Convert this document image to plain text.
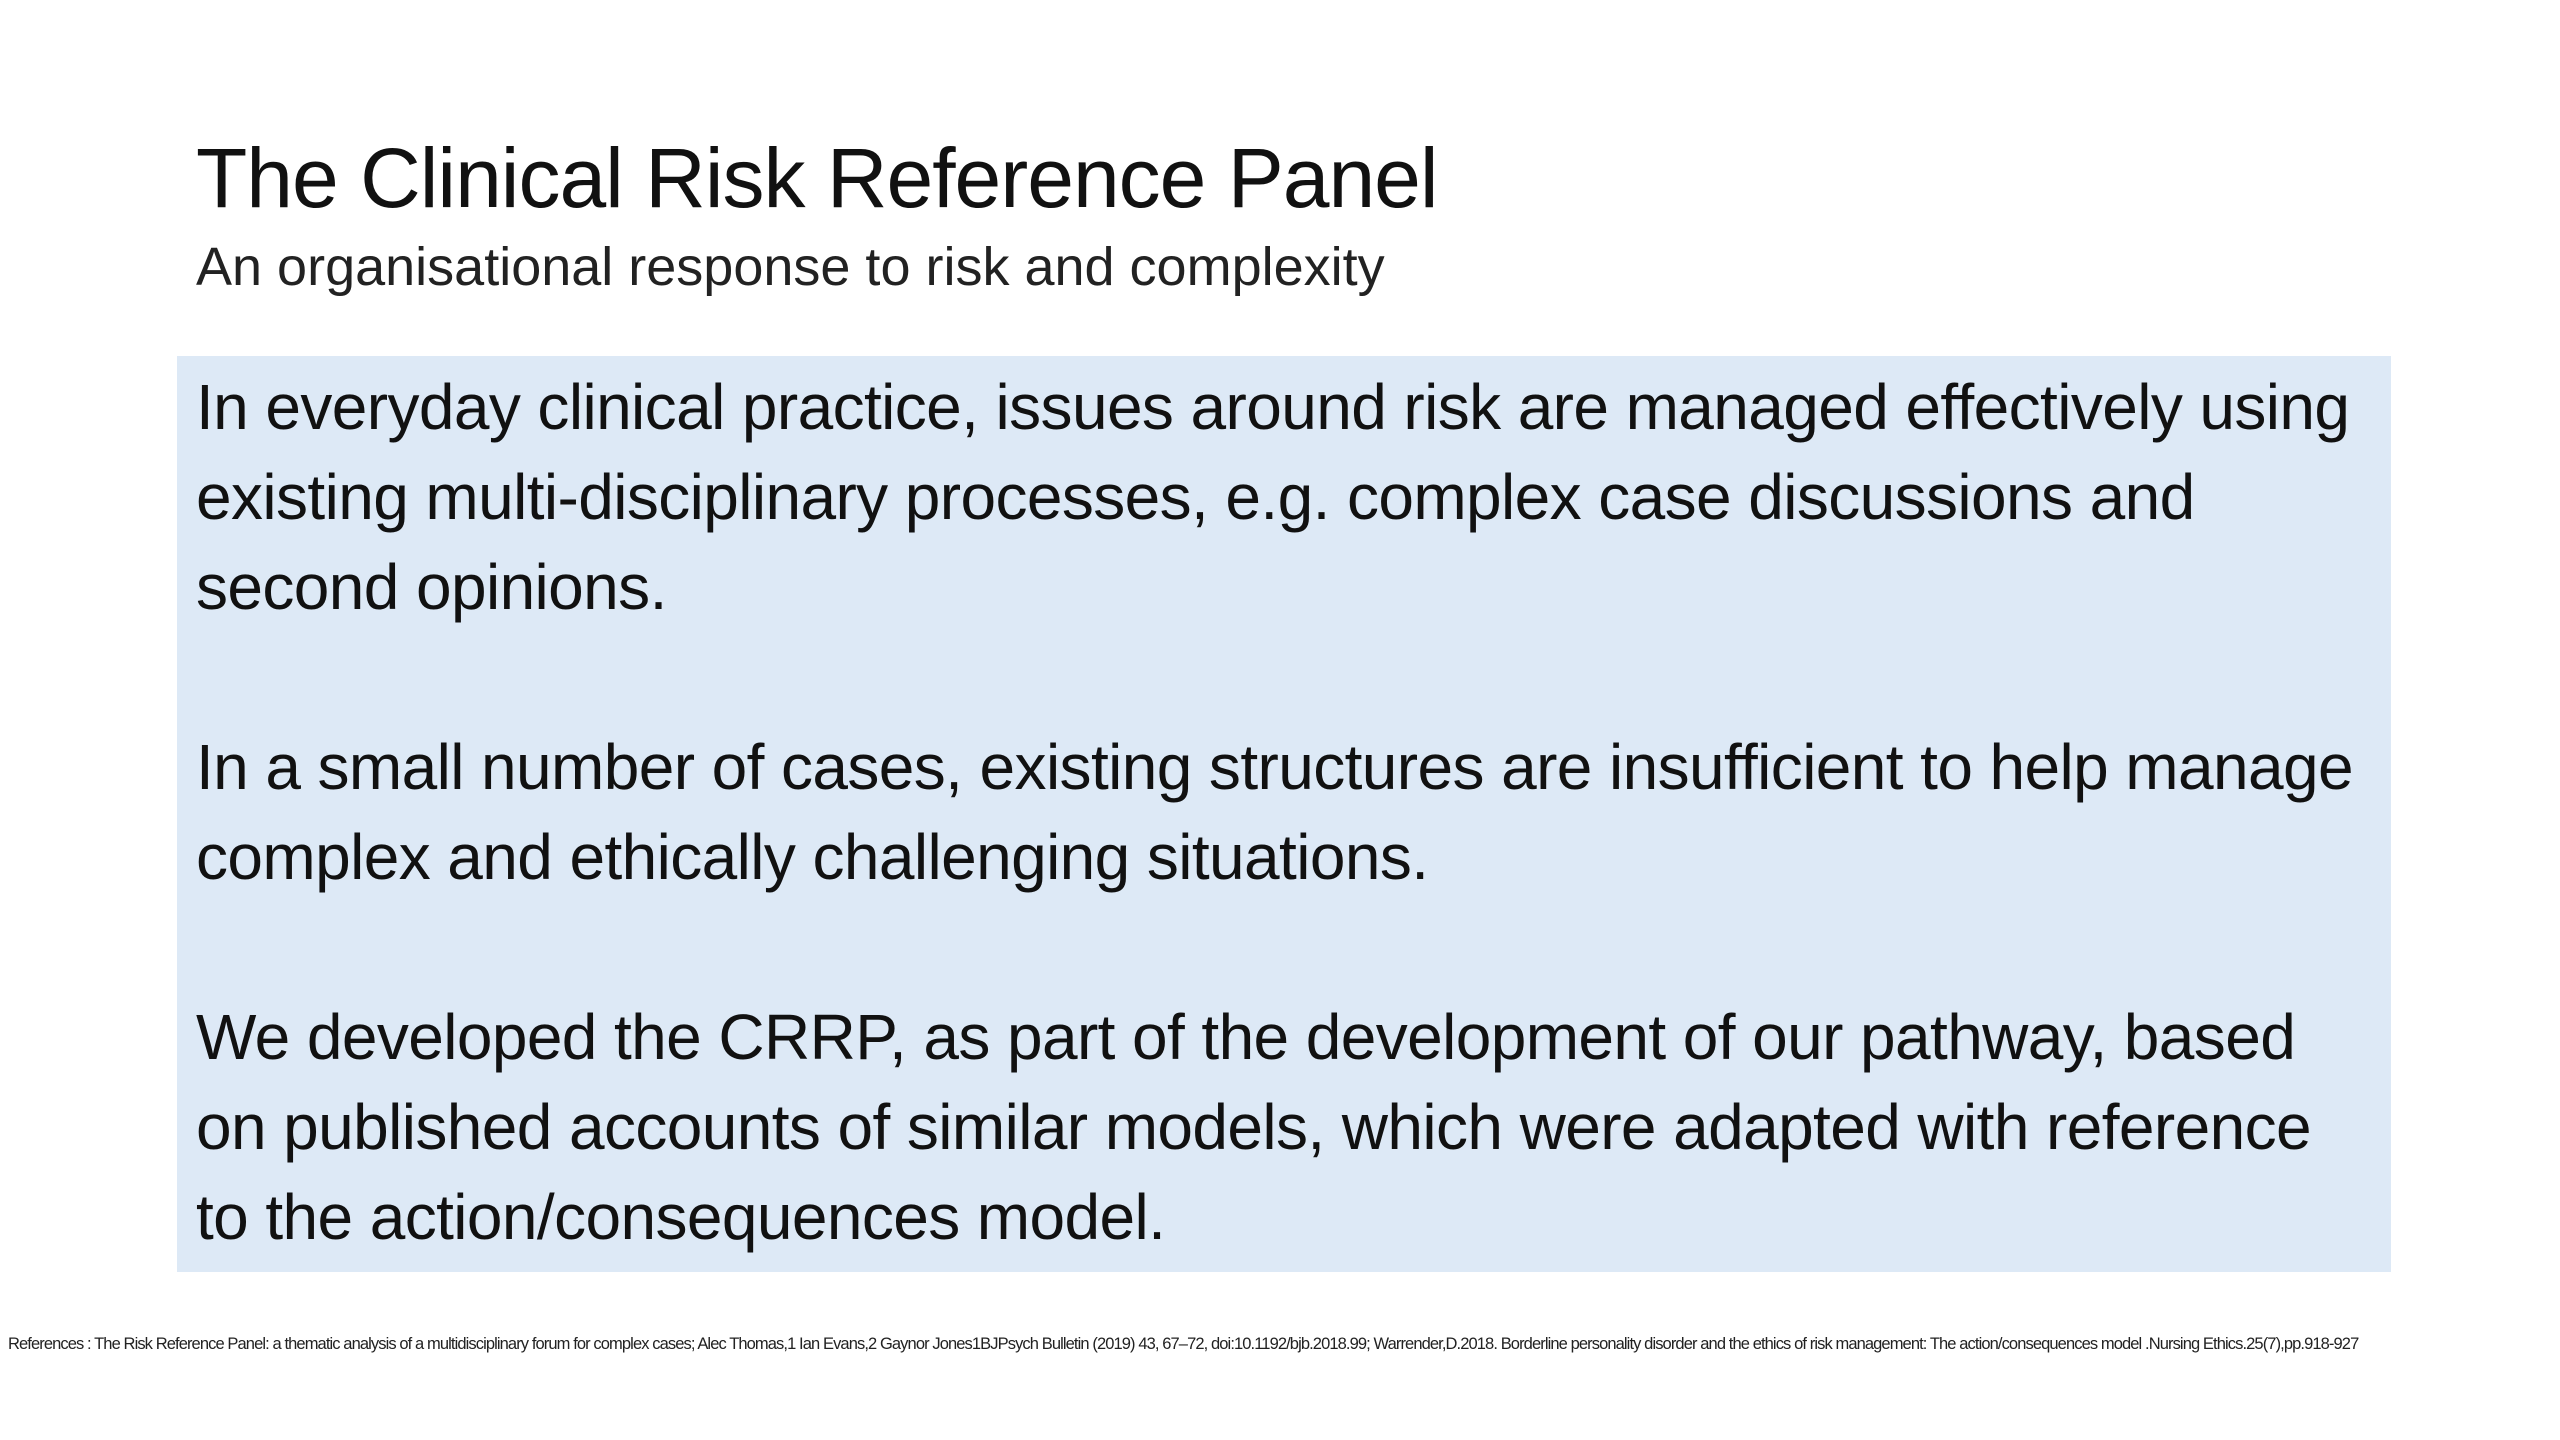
The Clinical Risk Reference Panel

An organisational response to risk and complexity

In everyday clinical practice, issues around risk are managed effectively using existing multi-disciplinary processes, e.g. complex case discussions and second opinions.

In a small number of cases, existing structures are insufficient to help manage complex and ethically challenging situations.

We developed the CRRP, as part of the development of our pathway, based on published accounts of similar models, which were adapted with reference to the action/consequences model.

References : The Risk Reference Panel: a thematic analysis of a multidisciplinary forum for complex cases; Alec Thomas,1 Ian Evans,2 Gaynor Jones1BJPsych Bulletin (2019) 43, 67–72, doi:10.1192/bjb.2018.99; Warrender,D.2018. Borderline personality disorder and the ethics of risk management: The action/consequences model .Nursing Ethics.25(7),pp.918-927
